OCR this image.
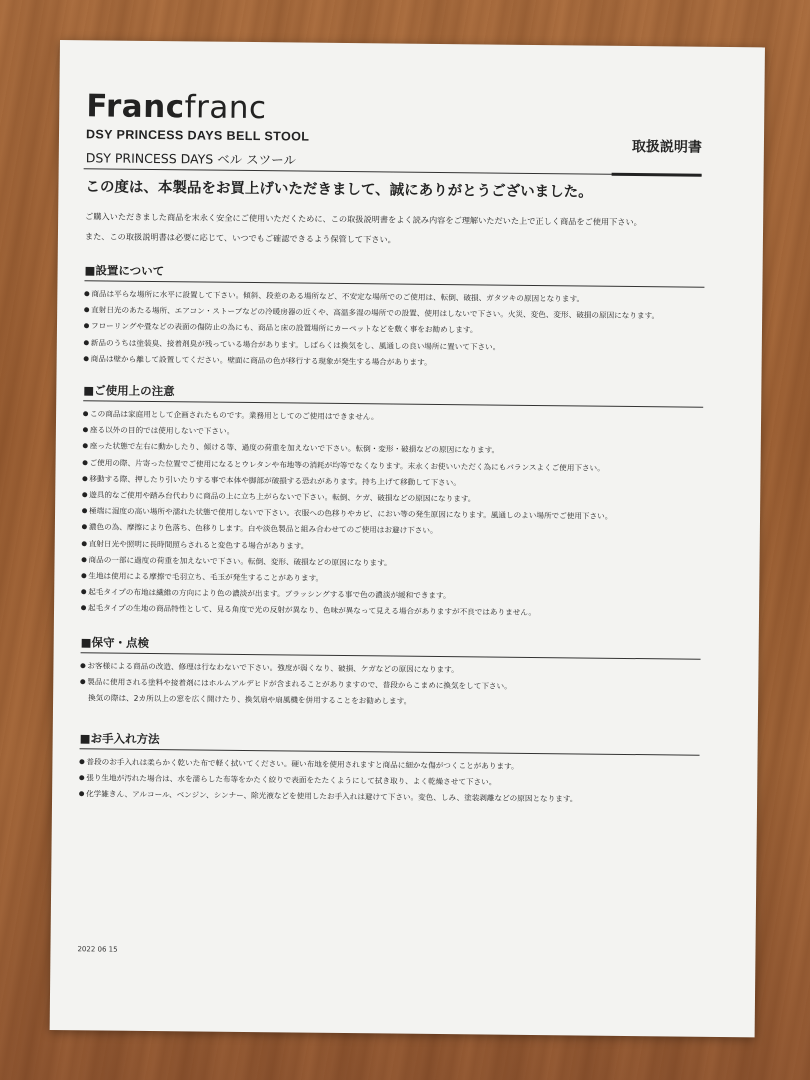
Francfranc
DSY PRINCESS DAYS BELL STOOL
DSY PRINCESS DAYS ベル スツール
取扱説明書
この度は、本製品をお買上げいただきまして、誠にありがとうございました。
ご購入いただきました商品を末永く安全にご使用いただくために、この取扱説明書をよく読み内容をご理解いただいた上で正しく商品をご使用下さい。
また、この取扱説明書は必要に応じて、いつでもご確認できるよう保管して下さい。
■設置について
商品は平らな場所に水平に設置して下さい。傾斜、段差のある場所など、不安定な場所でのご使用は、転倒、破損、ガタツキの原因となります。
直射日光のあたる場所、エアコン・ストーブなどの冷暖房器の近くや、高温多湿の場所での設置、使用はしないで下さい。火災、変色、変形、破損の原因になります。
フローリングや畳などの表面の傷防止の為にも、商品と床の設置場所にカーペットなどを敷く事をお勧めします。
新品のうちは塗装臭、接着剤臭が残っている場合があります。しばらくは換気をし、風通しの良い場所に置いて下さい。
商品は壁から離して設置してください。壁面に商品の色が移行する現象が発生する場合があります。
■ご使用上の注意
この商品は家庭用として企画されたものです。業務用としてのご使用はできません。
座る以外の目的では使用しないで下さい。
座った状態で左右に動かしたり、傾ける等、過度の荷重を加えないで下さい。転倒・変形・破損などの原因になります。
ご使用の際、片寄った位置でご使用になるとウレタンや布地等の消耗が均等でなくなります。末永くお使いいただく為にもバランスよくご使用下さい。
移動する際、押したり引いたりする事で本体や脚部が破損する恐れがあります。持ち上げて移動して下さい。
遊具的なご使用や踏み台代わりに商品の上に立ち上がらないで下さい。転倒、ケガ、破損などの原因になります。
極端に湿度の高い場所や濡れた状態で使用しないで下さい。衣服への色移りやカビ、におい等の発生原因になります。風通しのよい場所でご使用下さい。
濃色の為、摩擦により色落ち、色移りします。白や淡色製品と組み合わせてのご使用はお避け下さい。
直射日光や照明に長時間照らされると変色する場合があります。
商品の一部に過度の荷重を加えないで下さい。転倒、変形、破損などの原因になります。
生地は使用による摩擦で毛羽立ち、毛玉が発生することがあります。
起毛タイプの布地は繊維の方向により色の濃淡が出ます。ブラッシングする事で色の濃淡が緩和できます。
起毛タイプの生地の商品特性として、見る角度で光の反射が異なり、色味が異なって見える場合がありますが不良ではありません。
■保守・点検
お客様による商品の改造、修理は行なわないで下さい。強度が弱くなり、破損、ケガなどの原因になります。
製品に使用される塗料や接着剤にはホルムアルデヒドが含まれることがありますので、普段からこまめに換気をして下さい。
換気の際は、2カ所以上の窓を広く開けたり、換気扇や扇風機を併用することをお勧めします。
■お手入れ方法
普段のお手入れは柔らかく乾いた布で軽く拭いてください。硬い布地を使用されますと商品に細かな傷がつくことがあります。
張り生地が汚れた場合は、水を濡らした布等をかたく絞りで表面をたたくようにして拭き取り、よく乾燥させて下さい。
化学雑きん、アルコール、ベンジン、シンナー、除光液などを使用したお手入れは避けて下さい。変色、しみ、塗装剥離などの原因となります。
2022 06 15
